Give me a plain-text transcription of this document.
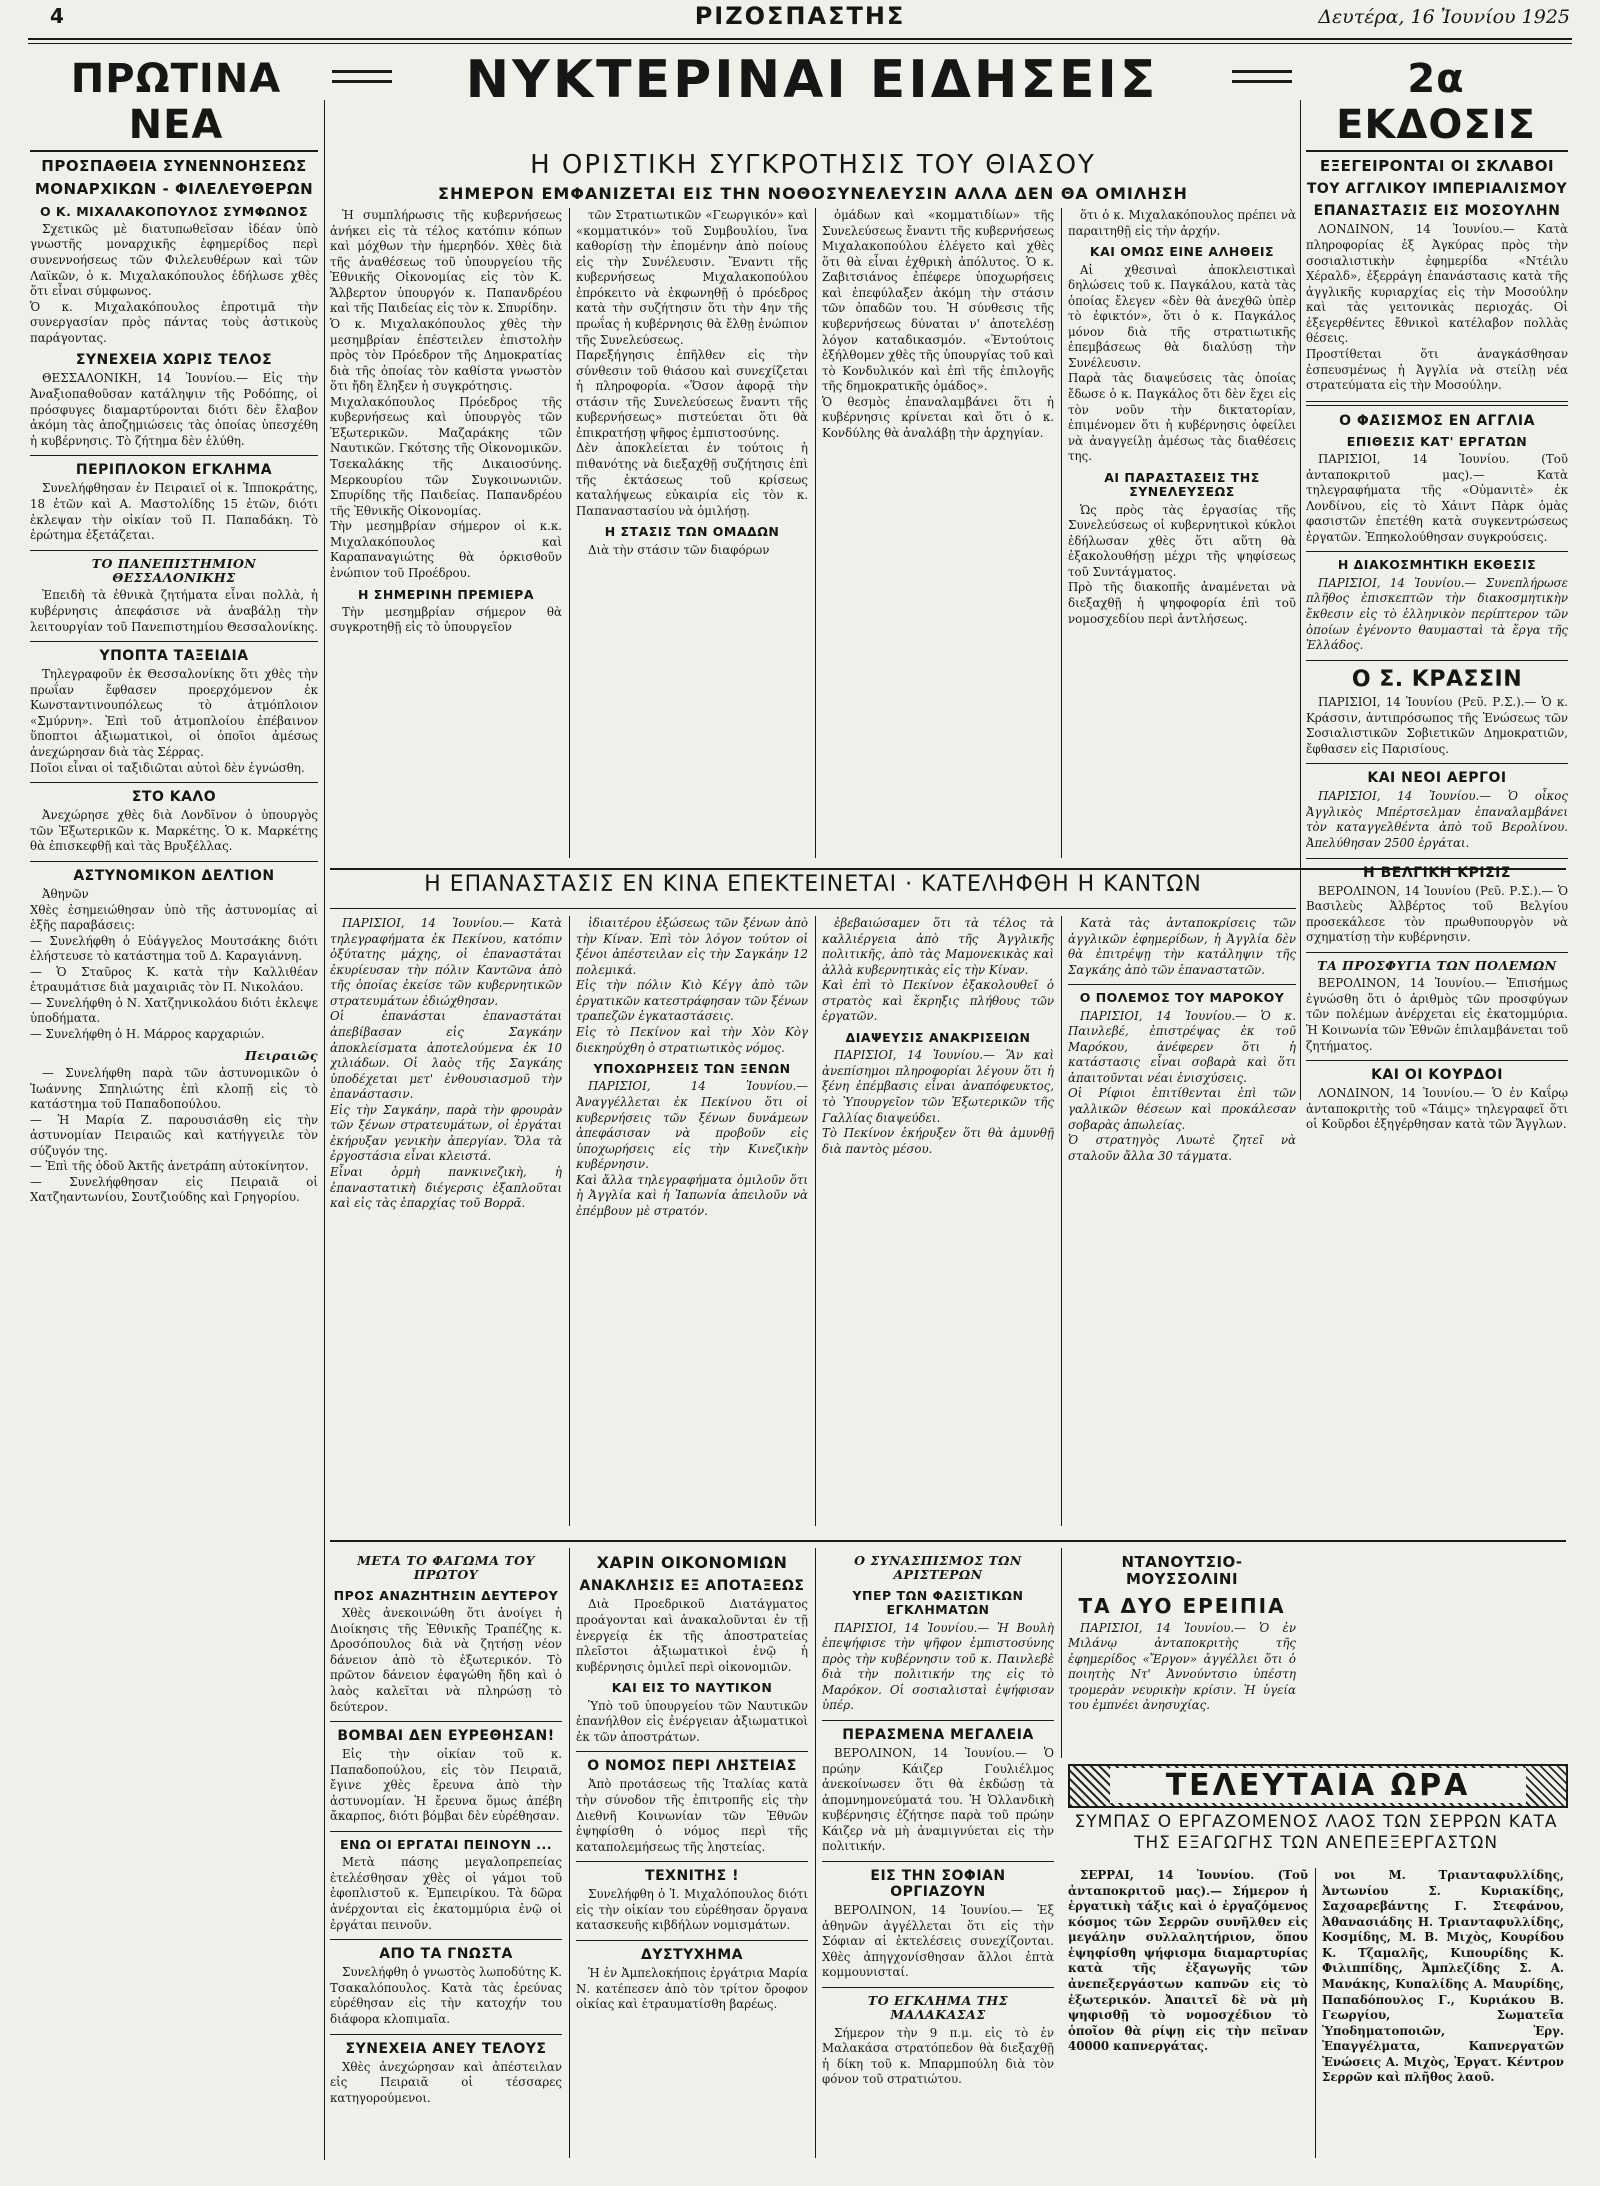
4	ΡΙΖΟΣΠΑΣΤΗΣ	Δευτέρα, 16 Ἰουνίου 1925
ΠΡΩΤΙΝΑ ΝΕΑ
ΝΥΚΤΕΡΙΝΑΙ ΕΙΔΗΣΕΙΣ	2α ΕΚΔΟΣΙΣ
ΠΡΟΣΠΑΘΕΙΑ ΣΥΝΕΝΝΟΗΣΕΩΣ
ΜΟΝΑΡΧΙΚΩΝ - ΦΙΛΕΛΕΥΘΕΡΩΝ
Ο Κ. ΜΙΧΑΛΑΚΟΠΟΥΛΟΣ ΣΥΜΦΩΝΟΣ
Σχετικῶς μὲ διατυπωθεῖσαν ἰδέαν ὑπὸ γνωστῆς μοναρχικῆς ἐφημερίδος περὶ συνεννοήσεως τῶν Φιλελευθέρων καὶ τῶν Λαϊκῶν, ὁ κ. Μιχαλακόπουλος ἐδήλωσε χθὲς ὅτι εἶναι σύμφωνος.
Ὁ κ. Μιχαλακόπουλος ἐπροτιμᾶ τὴν συνεργασίαν πρὸς πάντας τοὺς ἀστικοὺς παράγοντας.
ΣΥΝΕΧΕΙΑ ΧΩΡΙΣ ΤΕΛΟΣ
ΘΕΣΣΑΛΟΝΙΚΗ, 14 Ἰουνίου.— Εἰς τὴν Ἀναξιοπαθοῦσαν κατάληψιν τῆς Ροδόπης, οἱ πρόσφυγες διαμαρτύρονται διότι δὲν ἔλαβον ἀκόμη τὰς ἀποζημιώσεις τὰς ὁποίας ὑπεσχέθη ἡ κυβέρνησις. Τὸ ζήτημα δὲν ἐλύθη.
ΠΕΡΙΠΛΟΚΟΝ ΕΓΚΛΗΜΑ
Συνελήφθησαν ἐν Πειραιεῖ οἱ κ. Ἰπποκράτης, 18 ἐτῶν καὶ Α. Μαστολίδης 15 ἐτῶν, διότι ἐκλεψαν τὴν οἰκίαν τοῦ Π. Παπαδάκη. Τὸ ἐρώτημα ἐξετάζεται.
ΤΟ ΠΑΝΕΠΙΣΤΗΜΙΟΝ ΘΕΣΣΑΛΟΝΙΚΗΣ
Ἐπειδὴ τὰ ἐθνικὰ ζητήματα εἶναι πολλὰ, ἡ κυβέρνησις ἀπεφάσισε νὰ ἀναβάλῃ τὴν λειτουργίαν τοῦ Πανεπιστημίου Θεσσαλονίκης.
ΥΠΟΠΤΑ ΤΑΞΕΙΔΙΑ
Τηλεγραφοῦν ἐκ Θεσσαλονίκης ὅτι χθὲς τὴν πρωΐαν ἔφθασεν προερχόμενον ἐκ Κωνσταντινουπόλεως τὸ ἀτμόπλοιον «Σμύρνη». Ἐπὶ τοῦ ἀτμοπλοίου ἐπέβαινον ὕποπτοι ἀξιωματικοὶ, οἱ ὁποῖοι ἀμέσως ἀνεχώρησαν διὰ τὰς Σέρρας.
Ποῖοι εἶναι οἱ ταξιδιῶται αὐτοὶ δὲν ἐγνώσθη.
ΣΤΟ ΚΑΛΟ
Ἀνεχώρησε χθὲς διὰ Λονδῖνον ὁ ὑπουργὸς τῶν Ἐξωτερικῶν κ. Μαρκέτης. Ὁ κ. Μαρκέτης θὰ ἐπισκεφθῇ καὶ τὰς Βρυξέλλας.
ΑΣΤΥΝΟΜΙΚΟΝ ΔΕΛΤΙΟΝ
Ἀθηνῶν
Χθὲς ἐσημειώθησαν ὑπὸ τῆς ἀστυνομίας αἱ ἑξῆς παραβάσεις:
— Συνελήφθη ὁ Εὐάγγελος Μουτσάκης διότι ἐλήστευσε τὸ κατάστημα τοῦ Δ. Καραγιάννη.
— Ὁ Σταῦρος Κ. κατὰ τὴν Καλλιθέαν ἐτραυμάτισε διὰ μαχαιριᾶς τὸν Π. Νικολάου.
— Συνελήφθη ὁ Ν. Χατζηνικολάου διότι ἐκλεψε ὑποδήματα.
— Συνελήφθη ὁ Η. Μάρρος καρχαριών.
Πειραιῶς
— Συνελήφθη παρὰ τῶν ἀστυνομικῶν ὁ Ἰωάννης Σπηλιώτης ἐπὶ κλοπῇ εἰς τὸ κατάστημα τοῦ Παπαδοπούλου.
— Ἡ Μαρία Ζ. παρουσιάσθη εἰς τὴν ἀστυνομίαν Πειραιῶς καὶ κατήγγειλε τὸν σύζυγόν της.
— Ἐπὶ τῆς ὁδοῦ Ἀκτῆς ἀνετράπη αὐτοκίνητον.
— Συνελήφθησαν εἰς Πειραιᾶ οἱ Χατζηαντωνίου, Σουτζιούδης καὶ Γρηγορίου.
Η ΟΡΙΣΤΙΚΗ ΣΥΓΚΡΟΤΗΣΙΣ ΤΟΥ ΘΙΑΣΟΥ
ΣΗΜΕΡΟΝ ΕΜΦΑΝΙΖΕΤΑΙ ΕΙΣ ΤΗΝ ΝΟΘΟΣΥΝΕΛΕΥΣΙΝ ΑΛΛΑ ΔΕΝ ΘΑ ΟΜΙΛΗΣΗ
Ἡ συμπλήρωσις τῆς κυβερνήσεως ἀνήκει εἰς τὰ τέλος κατόπιν κόπων καὶ μόχθων τὴν ἡμερηδόν. Χθὲς διὰ τῆς ἀναθέσεως τοῦ ὑπουργείου τῆς Ἐθνικῆς Οἰκονομίας εἰς τὸν Κ. Ἄλβερτον ὑπουργόν κ. Παπανδρέου καὶ τῆς Παιδείας εἰς τὸν κ. Σπυρίδην.
Ὁ κ. Μιχαλακόπουλος χθὲς τὴν μεσημβρίαν ἐπέστειλεν ἐπιστολὴν πρὸς τὸν Πρόεδρον τῆς Δημοκρατίας διὰ τῆς ὁποίας τὸν καθίστα γνωστὸν ὅτι ἤδη ἔληξεν ἡ συγκρότησις.
Μιχαλακόπουλος Πρόεδρος τῆς κυβερνήσεως καὶ ὑπουργὸς τῶν Ἐξωτερικῶν. Μαζαράκης τῶν Ναυτικῶν. Γκότσης τῆς Οἰκονομικῶν. Τσεκαλάκης τῆς Δικαιοσύνης. Μερκουρίου τῶν Συγκοινωνιῶν. Σπυρίδης τῆς Παιδείας. Παπανδρέου τῆς Ἐθνικῆς Οἰκονομίας.
Τὴν μεσημβρίαν σήμερον οἱ κ.κ. Μιχαλακόπουλος καὶ Καραπαναγιώτης θὰ ὁρκισθοῦν ἐνώπιον τοῦ Προέδρου.
Η ΣΗΜΕΡΙΝΗ ΠΡΕΜΙΕΡΑ
Τὴν μεσημβρίαν σήμερον θὰ συγκροτηθῇ εἰς τὸ ὑπουργεῖον
τῶν Στρατιωτικῶν «Γεωργικόν» καὶ «κομματικόν» τοῦ Συμβουλίου, ἵνα καθορίσῃ τὴν ἐπομένην ἀπὸ ποίους εἰς τὴν Συνέλευσιν. Ἔναντι τῆς κυβερνήσεως Μιχαλακοπούλου ἐπρόκειτο νὰ ἐκφωνηθῇ ὁ πρόεδρος κατὰ τὴν συζήτησιν ὅτι τὴν 4ην τῆς πρωΐας ἡ κυβέρνησις θὰ ἔλθῃ ἐνώπιον τῆς Συνελεύσεως.
Παρεξήγησις ἐπῆλθεν εἰς τὴν σύνθεσιν τοῦ θιάσου καὶ συνεχίζεται ἡ πληροφορία. «Ὅσον ἀφορᾷ τὴν στάσιν τῆς Συνελεύσεως ἔναντι τῆς κυβερνήσεως» πιστεύεται ὅτι θὰ ἐπικρατήσῃ ψῆφος ἐμπιστοσύνης.
Δὲν ἀποκλείεται ἐν τούτοις ἡ πιθανότης νὰ διεξαχθῇ συζήτησις ἐπὶ τῆς ἐκτάσεως τοῦ κρίσεως καταλήψεως εὐκαιρία εἰς τὸν κ. Παπαναστασίου νὰ ὁμιλήσῃ.
Η ΣΤΑΣΙΣ ΤΩΝ ΟΜΑΔΩΝ
Διὰ τὴν στάσιν τῶν διαφόρων
ὁμάδων καὶ «κομματιδίων» τῆς Συνελεύσεως ἔναντι τῆς κυβερνήσεως Μιχαλακοπούλου ἐλέγετο καὶ χθὲς ὅτι θὰ εἶναι ἐχθρικὴ ἀπόλυτος. Ὁ κ. Ζαβιτσιάνος ἐπέφερε ὑποχωρήσεις καὶ ἐπεφύλαξεν ἀκόμη τὴν στάσιν τῶν ὀπαδῶν του. Ἡ σύνθεσις τῆς κυβερνήσεως δύναται ν' ἀποτελέσῃ λόγον καταδικασμόν. «Ἐντούτοις ἐξήλθομεν χθὲς τῆς ὑπουργίας τοῦ καὶ τὸ Κονδυλικόν καὶ ἐπὶ τῆς ἐπιλογῆς τῆς δημοκρατικῆς ὁμάδος».
Ὁ θεσμὸς ἐπαναλαμβάνει ὅτι ἡ κυβέρνησις κρίνεται καὶ ὅτι ὁ κ. Κονδύλης θὰ ἀναλάβῃ τὴν ἀρχηγίαν.
ὅτι ὁ κ. Μιχαλακόπουλος πρέπει νὰ παραιτηθῇ εἰς τὴν ἀρχήν.
ΚΑΙ ΟΜΩΣ ΕΙΝΕ ΑΛΗΘΕΙΣ
Αἱ χθεσιναὶ ἀποκλειστικαὶ δηλώσεις τοῦ κ. Παγκάλου, κατὰ τὰς ὁποίας ἔλεγεν «δὲν θὰ ἀνεχθῶ ὑπὲρ τὸ ἐφικτόν», ὅτι ὁ κ. Παγκάλος μόνον διὰ τῆς στρατιωτικῆς ἐπεμβάσεως θὰ διαλύσῃ τὴν Συνέλευσιν.
Παρὰ τὰς διαψεύσεις τὰς ὁποίας ἔδωσε ὁ κ. Παγκάλος ὅτι δὲν ἔχει εἰς τὸν νοῦν τὴν δικτατορίαν, ἐπιμένομεν ὅτι ἡ κυβέρνησις ὀφείλει νὰ ἀναγγείλῃ ἀμέσως τὰς διαθέσεις της.
ΑΙ ΠΑΡΑΣΤΑΣΕΙΣ ΤΗΣ ΣΥΝΕΛΕΥΣΕΩΣ
Ὡς πρὸς τὰς ἐργασίας τῆς Συνελεύσεως οἱ κυβερνητικοὶ κύκλοι ἐδήλωσαν χθὲς ὅτι αὕτη θὰ ἐξακολουθήσῃ μέχρι τῆς ψηφίσεως τοῦ Συντάγματος.
Πρὸ τῆς διακοπῆς ἀναμένεται νὰ διεξαχθῇ ἡ ψηφοφορία ἐπὶ τοῦ νομοσχεδίου περὶ ἀντλήσεως.
Η ΕΠΑΝΑΣΤΑΣΙΣ ΕΝ ΚΙΝΑ ΕΠΕΚΤΕΙΝΕΤΑΙ · ΚΑΤΕΛΗΦΘΗ Η ΚΑΝΤΩΝ
ΠΑΡΙΣΙΟΙ, 14 Ἰουνίου.— Κατὰ τηλεγραφήματα ἐκ Πεκίνου, κατόπιν ὀξύτατης μάχης, οἱ ἐπαναστάται ἐκυρίευσαν τὴν πόλιν Καντῶνα ἀπὸ τῆς ὁποίας ἐκείσε τῶν κυβερνητικῶν στρατευμάτων ἐδιώχθησαν.
Οἱ ἐπανάσται ἐπαναστάται ἀπεβίβασαν εἰς Σαγκάην ἀποκλείσματα ἀποτελούμενα ἐκ 10 χιλιάδων. Οἱ λαὸς τῆς Σαγκάης ὑποδέχεται μετ' ἐνθουσιασμοῦ τὴν ἐπανάστασιν.
Εἰς τὴν Σαγκάην, παρὰ τὴν φρουρὰν τῶν ξένων στρατευμάτων, οἱ ἐργάται ἐκήρυξαν γενικὴν ἀπεργίαν. Ὅλα τὰ ἐργοστάσια εἶναι κλειστά.
Εἶναι ὁρμὴ πανκινεζικὴ, ἡ ἐπαναστατικὴ διέγερσις ἐξαπλοῦται καὶ εἰς τὰς ἐπαρχίας τοῦ Βορρᾶ.
ἰδιαιτέρου ἐξώσεως τῶν ξένων ἀπὸ τὴν Κίναν. Ἐπὶ τὸν λόγον τούτον οἱ ξένοι ἀπέστειλαν εἰς τὴν Σαγκάην 12 πολεμικά.
Εἰς τὴν πόλιν Κιὸ Κέγγ ἀπὸ τῶν ἐργατικῶν κατεστράφησαν τῶν ξένων τραπεζῶν ἐγκαταστάσεις.
Εἰς τὸ Πεκίνον καὶ τὴν Χὸν Κὸγ διεκηρύχθη ὁ στρατιωτικὸς νόμος.
ΥΠΟΧΩΡΗΣΕΙΣ ΤΩΝ ΞΕΝΩΝ
ΠΑΡΙΣΙΟΙ, 14 Ἰουνίου.— Ἀναγγέλλεται ἐκ Πεκίνου ὅτι οἱ κυβερνήσεις τῶν ξένων δυνάμεων ἀπεφάσισαν νὰ προβοῦν εἰς ὑποχωρήσεις εἰς τὴν Κινεζικὴν κυβέρνησιν.
Καὶ ἄλλα τηλεγραφήματα ὁμιλοῦν ὅτι ἡ Ἀγγλία καὶ ἡ Ἰαπωνία ἀπειλοῦν νὰ ἐπέμβουν μὲ στρατόν.
ἐβεβαιώσαμεν ὅτι τὰ τέλος τὰ καλλιέργεια ἀπὸ τῆς Ἀγγλικῆς πολιτικῆς, ἀπὸ τὰς Μαμονεκικὰς καὶ ἀλλὰ κυβερνητικὰς εἰς τὴν Κίναν.
Καὶ ἐπὶ τὸ Πεκίνον ἐξακολουθεῖ ὁ στρατὸς καὶ ἔκρηξις πλήθους τῶν ἐργατῶν.
ΔΙΑΨΕΥΣΙΣ ΑΝΑΚΡΙΣΕΙΩΝ
ΠΑΡΙΣΙΟΙ, 14 Ἰουνίου.— Ἂν καὶ ἀνεπίσημοι πληροφορίαι λέγουν ὅτι ἡ ξένη ἐπέμβασις εἶναι ἀναπόφευκτος, τὸ Ὑπουργεῖον τῶν Ἐξωτερικῶν τῆς Γαλλίας διαψεύδει.
Τὸ Πεκίνον ἐκήρυξεν ὅτι θὰ ἀμυνθῇ διὰ παντὸς μέσου.
Κατὰ τὰς ἀνταποκρίσεις τῶν ἀγγλικῶν ἐφημερίδων, ἡ Ἀγγλία δὲν θὰ ἐπιτρέψῃ τὴν κατάληψιν τῆς Σαγκάης ἀπὸ τῶν ἐπαναστατῶν.
Ο ΠΟΛΕΜΟΣ ΤΟΥ ΜΑΡΟΚΟΥ
ΠΑΡΙΣΙΟΙ, 14 Ἰουνίου.— Ὁ κ. Παινλεβέ, ἐπιστρέψας ἐκ τοῦ Μαρόκου, ἀνέφερεν ὅτι ἡ κατάστασις εἶναι σοβαρὰ καὶ ὅτι ἀπαιτοῦνται νέαι ἐνισχύσεις.
Οἱ Ρίφιοι ἐπιτίθενται ἐπὶ τῶν γαλλικῶν θέσεων καὶ προκάλεσαν σοβαρὰς ἀπωλείας.
Ὁ στρατηγὸς Λυωτὲ ζητεῖ νὰ σταλοῦν ἄλλα 30 τάγματα.
ΕΞΕΓΕΙΡΟΝΤΑΙ ΟΙ ΣΚΛΑΒΟΙ
ΤΟΥ ΑΓΓΛΙΚΟΥ ΙΜΠΕΡΙΑΛΙΣΜΟΥ
ΕΠΑΝΑΣΤΑΣΙΣ ΕΙΣ ΜΟΣΟΥΛΗΝ
ΛΟΝΔΙΝΟΝ, 14 Ἰουνίου.— Κατὰ πληροφορίας ἐξ Ἀγκύρας πρὸς τὴν σοσιαλιστικὴν ἐφημερίδα «Ντέιλυ Χέραλδ», ἐξερράγη ἐπανάστασις κατὰ τῆς ἀγγλικῆς κυριαρχίας εἰς τὴν Μοσούλην καὶ τὰς γειτονικὰς περιοχάς. Οἱ ἐξεγερθέντες ἔθνικοὶ κατέλαβον πολλὰς θέσεις.
Προστίθεται ὅτι ἀναγκάσθησαν ἐσπευσμένως ἡ Ἀγγλία νὰ στείλῃ νέα στρατεύματα εἰς τὴν Μοσούλην.
Ο ΦΑΣΙΣΜΟΣ ΕΝ ΑΓΓΛΙΑ
ΕΠΙΘΕΣΙΣ ΚΑΤ' ΕΡΓΑΤΩΝ
ΠΑΡΙΣΙΟΙ, 14 Ἰουνίου. (Τοῦ ἀνταποκριτοῦ μας).— Κατὰ τηλεγραφήματα τῆς «Οὐμανιτὲ» ἐκ Λονδίνου, εἰς τὸ Χάιντ Πὰρκ ὁμὰς φασιστῶν ἐπετέθη κατὰ συγκεντρώσεως ἐργατῶν. Ἐπηκολούθησαν συγκρούσεις.
Η ΔΙΑΚΟΣΜΗΤΙΚΗ ΕΚΘΕΣΙΣ
ΠΑΡΙΣΙΟΙ, 14 Ἰουνίου.— Συνεπλήρωσε πλῆθος ἐπισκεπτῶν τὴν διακοσμητικὴν ἔκθεσιν εἰς τὸ ἑλληνικὸν περίπτερον τῶν ὁποίων ἐγένοντο θαυμασταὶ τὰ ἔργα τῆς Ἑλλάδος.
Ο Σ. ΚΡΑΣΣΙΝ
ΠΑΡΙΣΙΟΙ, 14 Ἰουνίου (Ρεῦ. Ρ.Σ.).— Ὁ κ. Κράσσιν, ἀντιπρόσωπος τῆς Ἑνώσεως τῶν Σοσιαλιστικῶν Σοβιετικῶν Δημοκρατιῶν, ἔφθασεν εἰς Παρισίους.
ΚΑΙ ΝΕΟΙ ΑΕΡΓΟΙ
ΠΑΡΙΣΙΟΙ, 14 Ἰουνίου.— Ὁ οἶκος Ἀγγλικὸς Μπέρτσελμαν ἐπαναλαμβάνει τὸν καταγγελθέντα ἀπὸ τοῦ Βερολίνου. Ἀπελύθησαν 2500 ἐργάται.
Η ΒΕΛΓΙΚΗ ΚΡΙΣΙΣ
ΒΕΡΟΛΙΝΟΝ, 14 Ἰουνίου (Ρεῦ. Ρ.Σ.).— Ὁ Βασιλεὺς Ἀλβέρτος τοῦ Βελγίου προσεκάλεσε τὸν πρωθυπουργὸν νὰ σχηματίσῃ τὴν κυβέρνησιν.
ΤΑ ΠΡΟΣΦΥΓΙΑ ΤΩΝ ΠΟΛΕΜΩΝ
ΒΕΡΟΛΙΝΟΝ, 14 Ἰουνίου.— Ἐπισήμως ἐγνώσθη ὅτι ὁ ἀριθμὸς τῶν προσφύγων τῶν πολέμων ἀνέρχεται εἰς ἑκατομμύρια. Ἡ Κοινωνία τῶν Ἐθνῶν ἐπιλαμβάνεται τοῦ ζητήματος.
ΚΑΙ ΟΙ ΚΟΥΡΔΟΙ
ΛΟΝΔΙΝΟΝ, 14 Ἰουνίου.— Ὁ ἐν Καΐρῳ ἀνταποκριτὴς τοῦ «Τάιμς» τηλεγραφεῖ ὅτι οἱ Κοῦρδοι ἐξηγέρθησαν κατὰ τῶν Ἄγγλων.
ΜΕΤΑ ΤΟ ΦΑΓΩΜΑ ΤΟΥ ΠΡΩΤΟΥ
ΠΡΟΣ ΑΝΑΖΗΤΗΣΙΝ ΔΕΥΤΕΡΟΥ
Χθὲς ἀνεκοινώθη ὅτι ἀνοίγει ἡ Διοίκησις τῆς Ἐθνικῆς Τραπέζης κ. Δροσόπουλος διὰ νὰ ζητήσῃ νέον δάνειον ἀπὸ τὸ ἐξωτερικόν. Τὸ πρῶτον δάνειον ἐφαγώθη ἤδη καὶ ὁ λαὸς καλεῖται νὰ πληρώσῃ τὸ δεύτερον.
ΒΟΜΒΑΙ ΔΕΝ ΕΥΡΕΘΗΣΑΝ!
Εἰς τὴν οἰκίαν τοῦ κ. Παπαδοπούλου, εἰς τὸν Πειραιᾶ, ἔγινε χθὲς ἔρευνα ἀπὸ τὴν ἀστυνομίαν. Ἡ ἔρευνα ὅμως ἀπέβη ἄκαρπος, διότι βόμβαι δὲν εὑρέθησαν.
ΕΝΩ ΟΙ ΕΡΓΑΤΑΙ ΠΕΙΝΟΥΝ ...
Μετὰ πάσης μεγαλοπρεπείας ἐτελέσθησαν χθὲς οἱ γάμοι τοῦ ἐφοπλιστοῦ κ. Ἐμπειρίκου. Τὰ δῶρα ἀνέρχονται εἰς ἑκατομμύρια ἐνῷ οἱ ἐργάται πεινοῦν.
ΑΠΟ ΤΑ ΓΝΩΣΤΑ
Συνελήφθη ὁ γνωστὸς λωποδύτης Κ. Τσακαλόπουλος. Κατὰ τὰς ἐρεύνας εὑρέθησαν εἰς τὴν κατοχήν του διάφορα κλοπιμαῖα.
ΣΥΝΕΧΕΙΑ ΑΝΕΥ ΤΕΛΟΥΣ
Χθὲς ἀνεχώρησαν καὶ ἀπέστειλαν εἰς Πειραιᾶ οἱ τέσσαρες κατηγορούμενοι.
ΧΑΡΙΝ ΟΙΚΟΝΟΜΙΩΝ
ΑΝΑΚΛΗΣΙΣ ΕΞ ΑΠΟΤΑΞΕΩΣ
Διὰ Προεδρικοῦ Διατάγματος προάγονται καὶ ἀνακαλοῦνται ἐν τῇ ἐνεργείᾳ ἐκ τῆς ἀποστρατείας πλεῖστοι ἀξιωματικοὶ ἐνῷ ἡ κυβέρνησις ὁμιλεῖ περὶ οἰκονομιῶν.
ΚΑΙ ΕΙΣ ΤΟ ΝΑΥΤΙΚΟΝ
Ὑπὸ τοῦ ὑπουργείου τῶν Ναυτικῶν ἐπανήλθον εἰς ἐνέργειαν ἀξιωματικοὶ ἐκ τῶν ἀποστράτων.
Ο ΝΟΜΟΣ ΠΕΡΙ ΛΗΣΤΕΙΑΣ
Ἀπὸ προτάσεως τῆς Ἰταλίας κατὰ τὴν σύνοδον τῆς ἐπιτροπῆς εἰς τὴν Διεθνῆ Κοινωνίαν τῶν Ἐθνῶν ἐψηφίσθη ὁ νόμος περὶ τῆς καταπολεμήσεως τῆς ληστείας.
ΤΕΧΝΙΤΗΣ !
Συνελήφθη ὁ Ἰ. Μιχαλόπουλος διότι εἰς τὴν οἰκίαν του εὑρέθησαν ὄργανα κατασκευῆς κιβδήλων νομισμάτων.
ΔΥΣΤΥΧΗΜΑ
Ἡ ἐν Ἀμπελοκήποις ἐργάτρια Μαρία Ν. κατέπεσεν ἀπὸ τὸν τρίτον ὄροφον οἰκίας καὶ ἐτραυματίσθη βαρέως.
Ο ΣΥΝΑΣΠΙΣΜΟΣ ΤΩΝ ΑΡΙΣΤΕΡΩΝ
ΥΠΕΡ ΤΩΝ ΦΑΣΙΣΤΙΚΩΝ ΕΓΚΛΗΜΑΤΩΝ
ΠΑΡΙΣΙΟΙ, 14 Ἰουνίου.— Ἡ Βουλὴ ἐπεψήφισε τὴν ψῆφον ἐμπιστοσύνης πρὸς τὴν κυβέρνησιν τοῦ κ. Παινλεβὲ διὰ τὴν πολιτικήν της εἰς τὸ Μαρόκον. Οἱ σοσιαλισταὶ ἐψήφισαν ὑπέρ.
ΠΕΡΑΣΜΕΝΑ ΜΕΓΑΛΕΙΑ
ΒΕΡΟΛΙΝΟΝ, 14 Ἰουνίου.— Ὁ πρώην Κάιζερ Γουλιέλμος ἀνεκοίνωσεν ὅτι θὰ ἐκδώσῃ τὰ ἀπομνημονεύματά του. Ἡ Ὁλλανδικὴ κυβέρνησις ἐζήτησε παρὰ τοῦ πρώην Κάιζερ νὰ μὴ ἀναμιγνύεται εἰς τὴν πολιτικήν.
ΕΙΣ ΤΗΝ ΣΟΦΙΑΝ ΟΡΓΙΑΖΟΥΝ
ΒΕΡΟΛΙΝΟΝ, 14 Ἰουνίου.— Ἐξ ἀθηνῶν ἀγγέλλεται ὅτι εἰς τὴν Σόφιαν αἱ ἐκτελέσεις συνεχίζονται. Χθὲς ἀπηγχονίσθησαν ἄλλοι ἐπτὰ κομμουνισταί.
ΤΟ ΕΓΚΛΗΜΑ ΤΗΣ ΜΑΛΑΚΑΣΑΣ
Σήμερον τὴν 9 π.μ. εἰς τὸ ἐν Μαλακάσα στρατόπεδον θὰ διεξαχθῇ ἡ δίκη τοῦ κ. Μπαρμπούλη διὰ τὸν φόνον τοῦ στρατιώτου.
ΝΤΑΝΟΥΤΣΙΟ-ΜΟΥΣΣΟΛΙΝΙ
ΤΑ ΔΥΟ ΕΡΕΙΠΙΑ
ΠΑΡΙΣΙΟΙ, 14 Ἰουνίου.— Ὁ ἐν Μιλάνῳ ἀνταποκριτὴς τῆς ἐφημερίδος «Ἔργον» ἀγγέλλει ὅτι ὁ ποιητὴς Ντ' Ἀννούντσιο ὑπέστη τρομερὰν νευρικὴν κρίσιν. Ἡ ὑγεία του ἐμπνέει ἀνησυχίας.
ΤΕΛΕΥΤΑΙΑ ΩΡΑ
ΣΥΜΠΑΣ Ο ΕΡΓΑΖΟΜΕΝΟΣ ΛΑΟΣ ΤΩΝ ΣΕΡΡΩΝ ΚΑΤΑ ΤΗΣ ΕΞΑΓΩΓΗΣ ΤΩΝ ΑΝΕΠΕΞΕΡΓΑΣΤΩΝ
ΣΕΡΡΑΙ, 14 Ἰουνίου. (Τοῦ ἀνταποκριτοῦ μας).— Σήμερον ἡ ἐργατικὴ τάξις καὶ ὁ ἐργαζόμενος κόσμος τῶν Σερρῶν συνῆλθεν εἰς μεγάλην συλλαλητήριον, ὅπου ἐψηφίσθη ψήφισμα διαμαρτυρίας κατὰ τῆς ἐξαγωγῆς τῶν ἀνεπεξεργάστων καπνῶν εἰς τὸ ἐξωτερικόν. Ἀπαιτεῖ δὲ νὰ μὴ ψηφισθῇ τὸ νομοσχέδιον τὸ ὁποῖον θὰ ρίψῃ εἰς τὴν πεῖναν 40000 καπνεργάτας.
νοι Μ. Τριανταφυλλίδης, Ἀντωνίου Σ. Κυριακίδης, Σαχσαρεβάντης Γ. Στεφάνου, Ἀθανασιάδης Η. Τριανταφυλλίδης, Κοσμίδης, Μ. Β. Μιχὸς, Κουρίδου Κ. Τζαμαλῆς, Κιπουρίδης Κ. Φιλιππίδης, Ἀμπλεζίδης Σ. Α. Μανάκης, Κυπαλίδης Α. Μαυρίδης, Παπαδόπουλος Γ., Κυριάκου Β. Γεωργίου, Σωματεῖα Ὑποδηματοποιῶν, Ἐργ. Ἐπαγγέλματα, Καπνεργατῶν Ἐνώσεις Α. Μιχὸς, Ἐργατ. Κέντρον Σερρῶν καὶ πλῆθος λαοῦ.
